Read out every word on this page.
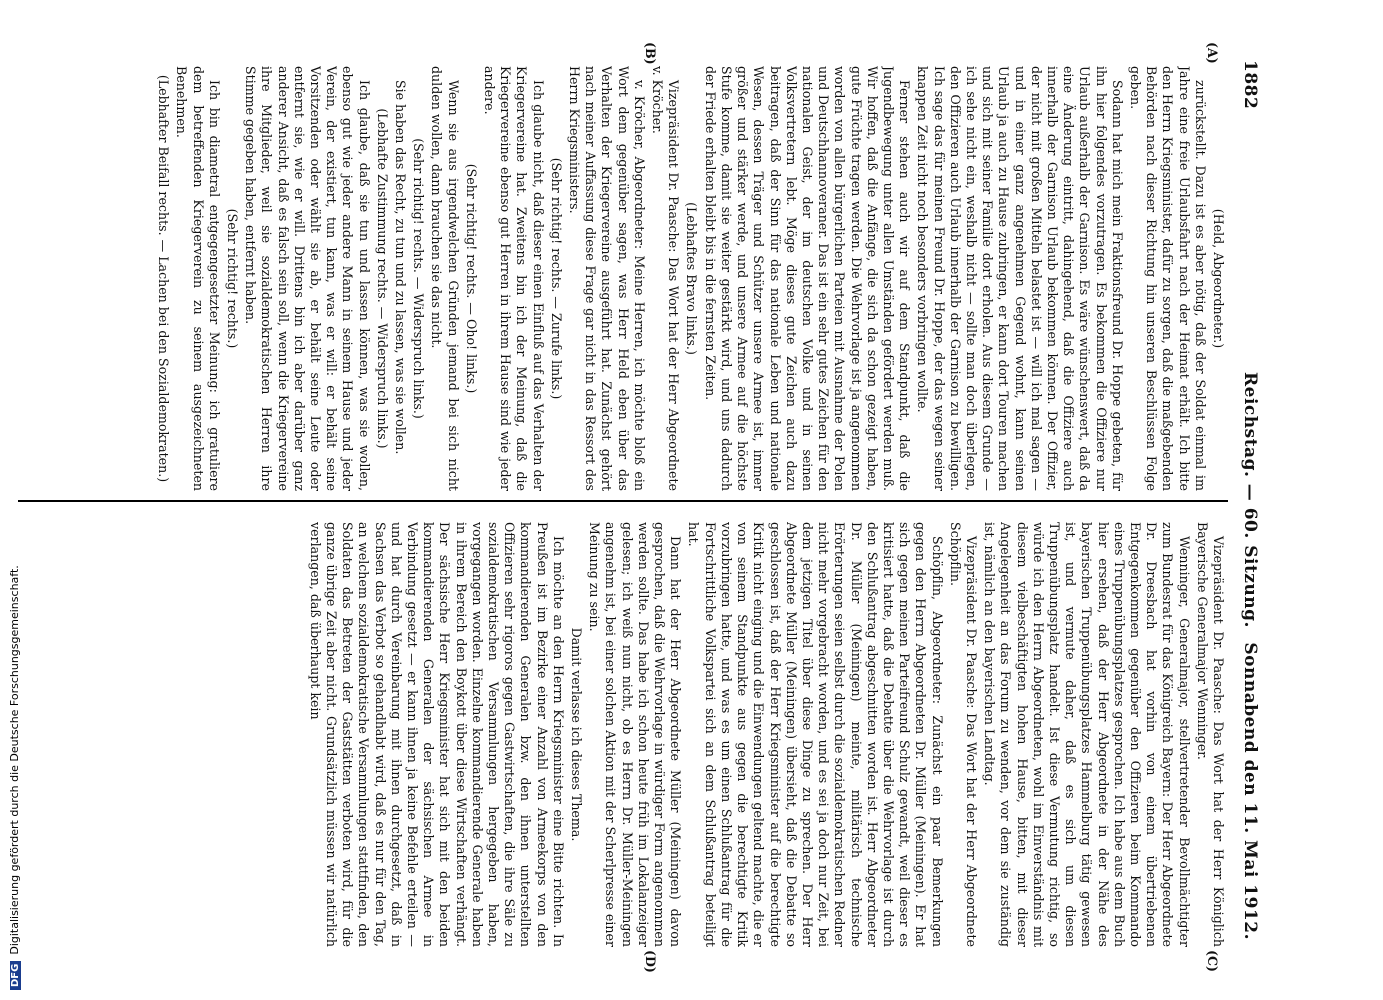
1882
Reichstag. — 60. Sitzung.
Sonnabend den 11. Mai 1912.
(A)
(B)
(C)
(D)

(Held, Abgeordneter.)

zurückstellt. Dazu ist es aber nötig, daß der Soldat einmal im Jahre eine freie Urlaubsfahrt nach der Heimat erhält. Ich bitte den Herrn Kriegsminister, dafür zu sorgen, daß die maßgebenden Behörden nach dieser Richtung hin unseren Beschlüssen Folge geben.

Sodann hat mich mein Fraktionsfreund Dr. Hoppe gebeten, für ihn hier folgendes vorzutragen. Es bekommen die Offiziere nur Urlaub außerhalb der Garnison. Es wäre wünschenswert, daß da eine Änderung eintritt, dahingehend, daß die Offiziere auch innerhalb der Garnison Urlaub bekommen können. Der Offizier, der nicht mit großen Mitteln belastet ist — will ich mal sagen — und in einer ganz angenehmen Gegend wohnt, kann seinen Urlaub ja auch zu Hause zubringen, er kann dort Touren machen und sich mit seiner Familie dort erholen. Aus diesem Grunde — ich sehe nicht ein, weshalb nicht — sollte man doch überlegen, den Offizieren auch Urlaub innerhalb der Garnison zu bewilligen. Ich sage das für meinen Freund Dr. Hoppe, der das wegen seiner knappen Zeit nicht noch besonders vorbringen wollte.

Ferner stehen auch wir auf dem Standpunkt, daß die Jugendbewegung unter allen Umständen gefördert werden muß. Wir hoffen, daß die Anfänge, die sich da schon gezeigt haben, gute Früchte tragen werden. Die Wehrvorlage ist ja angenommen worden von allen bürgerlichen Parteien mit Ausnahme der Polen und Deutschhannoveraner. Das ist ein sehr gutes Zeichen für den nationalen Geist, der im deutschen Volke und in seinen Volksvertretern lebt. Möge dieses gute Zeichen auch dazu beitragen, daß der Sinn für das nationale Leben und nationale Wesen, dessen Träger und Schützer unsere Armee ist, immer größer und stärker werde, und unsere Armee auf die höchste Stufe komme, damit sie weiter gestärkt wird, und uns dadurch der Friede erhalten bleibt bis in die fernsten Zeiten.

(Lebhaftes Bravo links.)

Vizepräsident Dr. Paasche: Das Wort hat der Herr Abgeordnete v. Kröcher.

v. Kröcher, Abgeordneter: Meine Herren, ich möchte bloß ein Wort dem gegenüber sagen, was Herr Held eben über das Verhalten der Kriegervereine ausgeführt hat. Zunächst gehört nach meiner Auffassung diese Frage gar nicht in das Ressort des Herrn Kriegsministers.

(Sehr richtig! rechts. — Zurufe links.)

Ich glaube nicht, daß dieser einen Einfluß auf das Verhalten der Kriegervereine hat. Zweitens bin ich der Meinung, daß die Kriegervereine ebenso gut Herren in ihrem Hause sind wie jeder andere.

(Sehr richtig! rechts. — Oho! links.)

Wenn sie aus irgendwelchen Gründen jemand bei sich nicht dulden wollen, dann brauchen sie das nicht.

(Sehr richtig! rechts. — Widerspruch links.)

Sie haben das Recht, zu tun und zu lassen, was sie wollen.

(Lebhafte Zustimmung rechts. — Widerspruch links.)

Ich glaube, daß sie tun und lassen können, was sie wollen, ebenso gut wie jeder andere Mann in seinem Hause und jeder Verein, der existiert, tun kann, was er will: er behält seine Vorsitzenden oder wählt sie ab, er behält seine Leute oder entfernt sie, wie er will. Drittens bin ich aber darüber ganz anderer Ansicht, daß es falsch sein soll, wenn die Kriegervereine ihre Mitglieder, weil sie sozialdemokratischen Herren ihre Stimme gegeben haben, entfernt haben.

(Sehr richtig! rechts.)

Ich bin diametral entgegengesetzter Meinung: ich gratuliere dem betreffenden Kriegerverein zu seinem ausgezeichneten Benehmen.

(Lebhafter Beifall rechts. — Lachen bei den Sozialdemokraten.)

Vizepräsident Dr. Paasche: Das Wort hat der Herr Königlich Bayerische Generalmajor Wenninger.

Wenninger, Generalmajor, stellvertretender Bevollmächtigter zum Bundesrat für das Königreich Bayern: Der Herr Abgeordnete Dr. Dreesbach hat vorhin von einem übertriebenen Entgegenkommen gegenüber den Offizieren beim Kommando eines Truppenübungsplatzes gesprochen. Ich habe aus dem Buch hier ersehen, daß der Herr Abgeordnete in der Nähe des bayerischen Truppenübungsplatzes Hammelburg tätig gewesen ist, und vermute daher, daß es sich um diesen Truppenübungsplatz handelt. Ist diese Vermutung richtig, so würde ich den Herrn Abgeordneten, wohl im Einverständnis mit diesem vielbeschäftigten hohen Hause, bitten, mit dieser Angelegenheit an das Forum zu wenden, vor dem sie zuständig ist, nämlich an den bayerischen Landtag.

Vizepräsident Dr. Paasche: Das Wort hat der Herr Abgeordnete Schöpflin.

Schöpflin, Abgeordneter: Zunächst ein paar Bemerkungen gegen den Herrn Abgeordneten Dr. Müller (Meiningen). Er hat sich gegen meinen Parteifreund Schulz gewandt, weil dieser es kritisiert hatte, daß die Debatte über die Wehrvorlage ist durch den Schlußantrag abgeschnitten worden ist. Herr Abgeordneter Dr. Müller (Meiningen) meinte, militärisch technische Erörterungen seien selbst durch die sozialdemokratischen Redner nicht mehr vorgebracht worden, und es sei ja doch nur Zeit, bei dem jetzigen Titel über diese Dinge zu sprechen. Der Herr Abgeordnete Müller (Meiningen) übersieht, daß die Debatte so geschlossen ist, daß der Herr Kriegsminister auf die berechtigte Kritik nicht einging und die Einwendungen geltend machte, die er von seinem Standpunkte aus gegen die berechtigte Kritik vorzubringen hatte, und was es um einen Schlußantrag für die Fortschrittliche Volkspartei sich an dem Schlußantrag beteiligt hat.

Dann hat der Herr Abgeordnete Müller (Meiningen) davon gesprochen, daß die Wehrvorlage in würdiger Form angenommen werden sollte. Das habe ich schon heute früh im Lokalanzeiger gelesen; ich weiß nun nicht, ob es Herrn Dr. Müller-Meiningen angenehm ist, bei einer solchen Aktion mit der Scherlpresse einer Meinung zu sein.

Damit verlasse ich dieses Thema.

Ich möchte an den Herrn Kriegsminister eine Bitte richten. In Preußen ist im Bezirke einer Anzahl von Armeekorps von den kommandierenden Generalen bzw. den ihnen unterstellten Offizieren sehr rigoros gegen Gastwirtschaften, die ihre Säle zu sozialdemokratischen Versammlungen hergegeben haben, vorgegangen worden. Einzelne kommandierende Generale haben in ihrem Bereich den Boykott über diese Wirtschaften verhängt. Der sächsische Herr Kriegsminister hat sich mit den beiden kommandierenden Generalen der sächsischen Armee in Verbindung gesetzt — er kann ihnen ja keine Befehle erteilen — und hat durch Vereinbarung mit ihnen durchgesetzt, daß in Sachsen das Verbot so gehandhabt wird, daß es nur für den Tag, an welchem sozialdemokratische Versammlungen stattfinden, den Soldaten das Betreten der Gaststätten verboten wird, für die ganze übrige Zeit aber nicht. Grundsätzlich müssen wir natürlich verlangen, daß überhaupt kein

DFGDigitalisierung gefördert durch die Deutsche Forschungsgemeinschaft.
